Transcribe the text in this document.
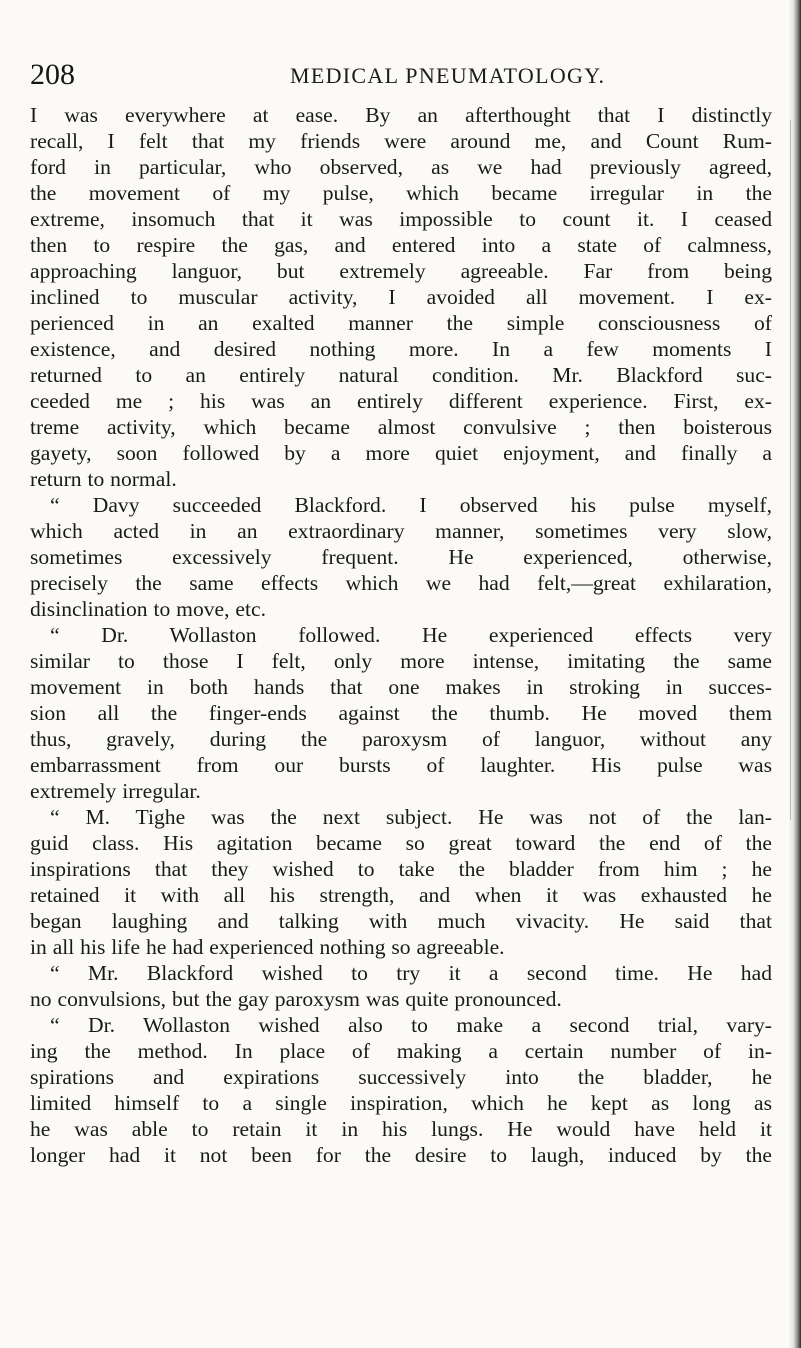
208	MEDICAL PNEUMATOLOGY.
I was everywhere at ease. By an afterthought that I distinctly
recall, I felt that my friends were around me, and Count Rum-
ford in particular, who observed, as we had previously agreed,
the movement of my pulse, which became irregular in the
extreme, insomuch that it was impossible to count it. I ceased
then to respire the gas, and entered into a state of calmness,
approaching languor, but extremely agreeable. Far from being
inclined to muscular activity, I avoided all movement. I ex-
perienced in an exalted manner the simple consciousness of
existence, and desired nothing more. In a few moments I
returned to an entirely natural condition. Mr. Blackford suc-
ceeded me ; his was an entirely different experience. First, ex-
treme activity, which became almost convulsive ; then boisterous
gayety, soon followed by a more quiet enjoyment, and finally a
return to normal.
“ Davy succeeded Blackford. I observed his pulse myself,
which acted in an extraordinary manner, sometimes very slow,
sometimes excessively frequent. He experienced, otherwise,
precisely the same effects which we had felt,—great exhilaration,
disinclination to move, etc.
“ Dr. Wollaston followed. He experienced effects very
similar to those I felt, only more intense, imitating the same
movement in both hands that one makes in stroking in succes-
sion all the finger-ends against the thumb. He moved them
thus, gravely, during the paroxysm of languor, without any
embarrassment from our bursts of laughter. His pulse was
extremely irregular.
“ M. Tighe was the next subject. He was not of the lan-
guid class. His agitation became so great toward the end of the
inspirations that they wished to take the bladder from him ; he
retained it with all his strength, and when it was exhausted he
began laughing and talking with much vivacity. He said that
in all his life he had experienced nothing so agreeable.
“ Mr. Blackford wished to try it a second time. He had
no convulsions, but the gay paroxysm was quite pronounced.
“ Dr. Wollaston wished also to make a second trial, vary-
ing the method. In place of making a certain number of in-
spirations and expirations successively into the bladder, he
limited himself to a single inspiration, which he kept as long as
he was able to retain it in his lungs. He would have held it
longer had it not been for the desire to laugh, induced by the
